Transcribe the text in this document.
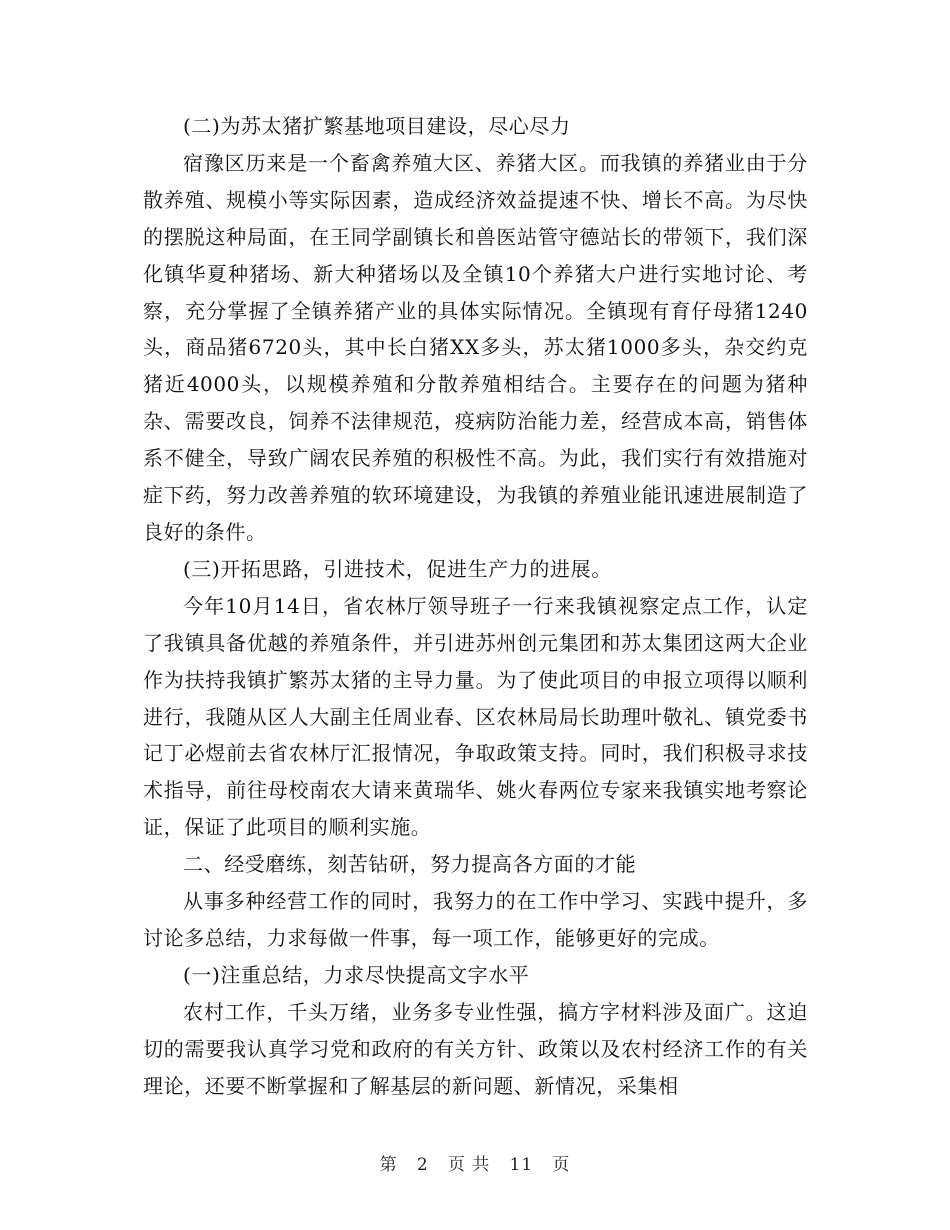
(二)为苏太猪扩繁基地项目建设，尽心尽力

宿豫区历来是一个畜禽养殖大区、养猪大区。而我镇的养猪业由于分散养殖、规模小等实际因素，造成经济效益提速不快、增长不高。为尽快的摆脱这种局面，在王同学副镇长和兽医站管守德站长的带领下，我们深化镇华夏种猪场、新大种猪场以及全镇10个养猪大户进行实地讨论、考察，充分掌握了全镇养猪产业的具体实际情况。全镇现有育仔母猪1240头，商品猪6720头，其中长白猪XX多头，苏太猪1000多头，杂交约克猪近4000头，以规模养殖和分散养殖相结合。主要存在的问题为猪种杂、需要改良，饲养不法律规范，疫病防治能力差，经营成本高，销售体系不健全，导致广阔农民养殖的积极性不高。为此，我们实行有效措施对症下药，努力改善养殖的软环境建设，为我镇的养殖业能讯速进展制造了良好的条件。

(三)开拓思路，引进技术，促进生产力的进展。

今年10月14日，省农林厅领导班子一行来我镇视察定点工作，认定了我镇具备优越的养殖条件，并引进苏州创元集团和苏太集团这两大企业作为扶持我镇扩繁苏太猪的主导力量。为了使此项目的申报立项得以顺利进行，我随从区人大副主任周业春、区农林局局长助理叶敬礼、镇党委书记丁必煜前去省农林厅汇报情况，争取政策支持。同时，我们积极寻求技术指导，前往母校南农大请来黄瑞华、姚火春两位专家来我镇实地考察论证，保证了此项目的顺利实施。

二、经受磨练，刻苦钻研，努力提高各方面的才能

从事多种经营工作的同时，我努力的在工作中学习、实践中提升，多讨论多总结，力求每做一件事，每一项工作，能够更好的完成。

(一)注重总结，力求尽快提高文字水平

农村工作，千头万绪，业务多专业性强，搞方字材料涉及面广。这迫切的需要我认真学习党和政府的有关方针、政策以及农村经济工作的有关理论，还要不断掌握和了解基层的新问题、新情况，采集相

第 2 页 共 11 页
